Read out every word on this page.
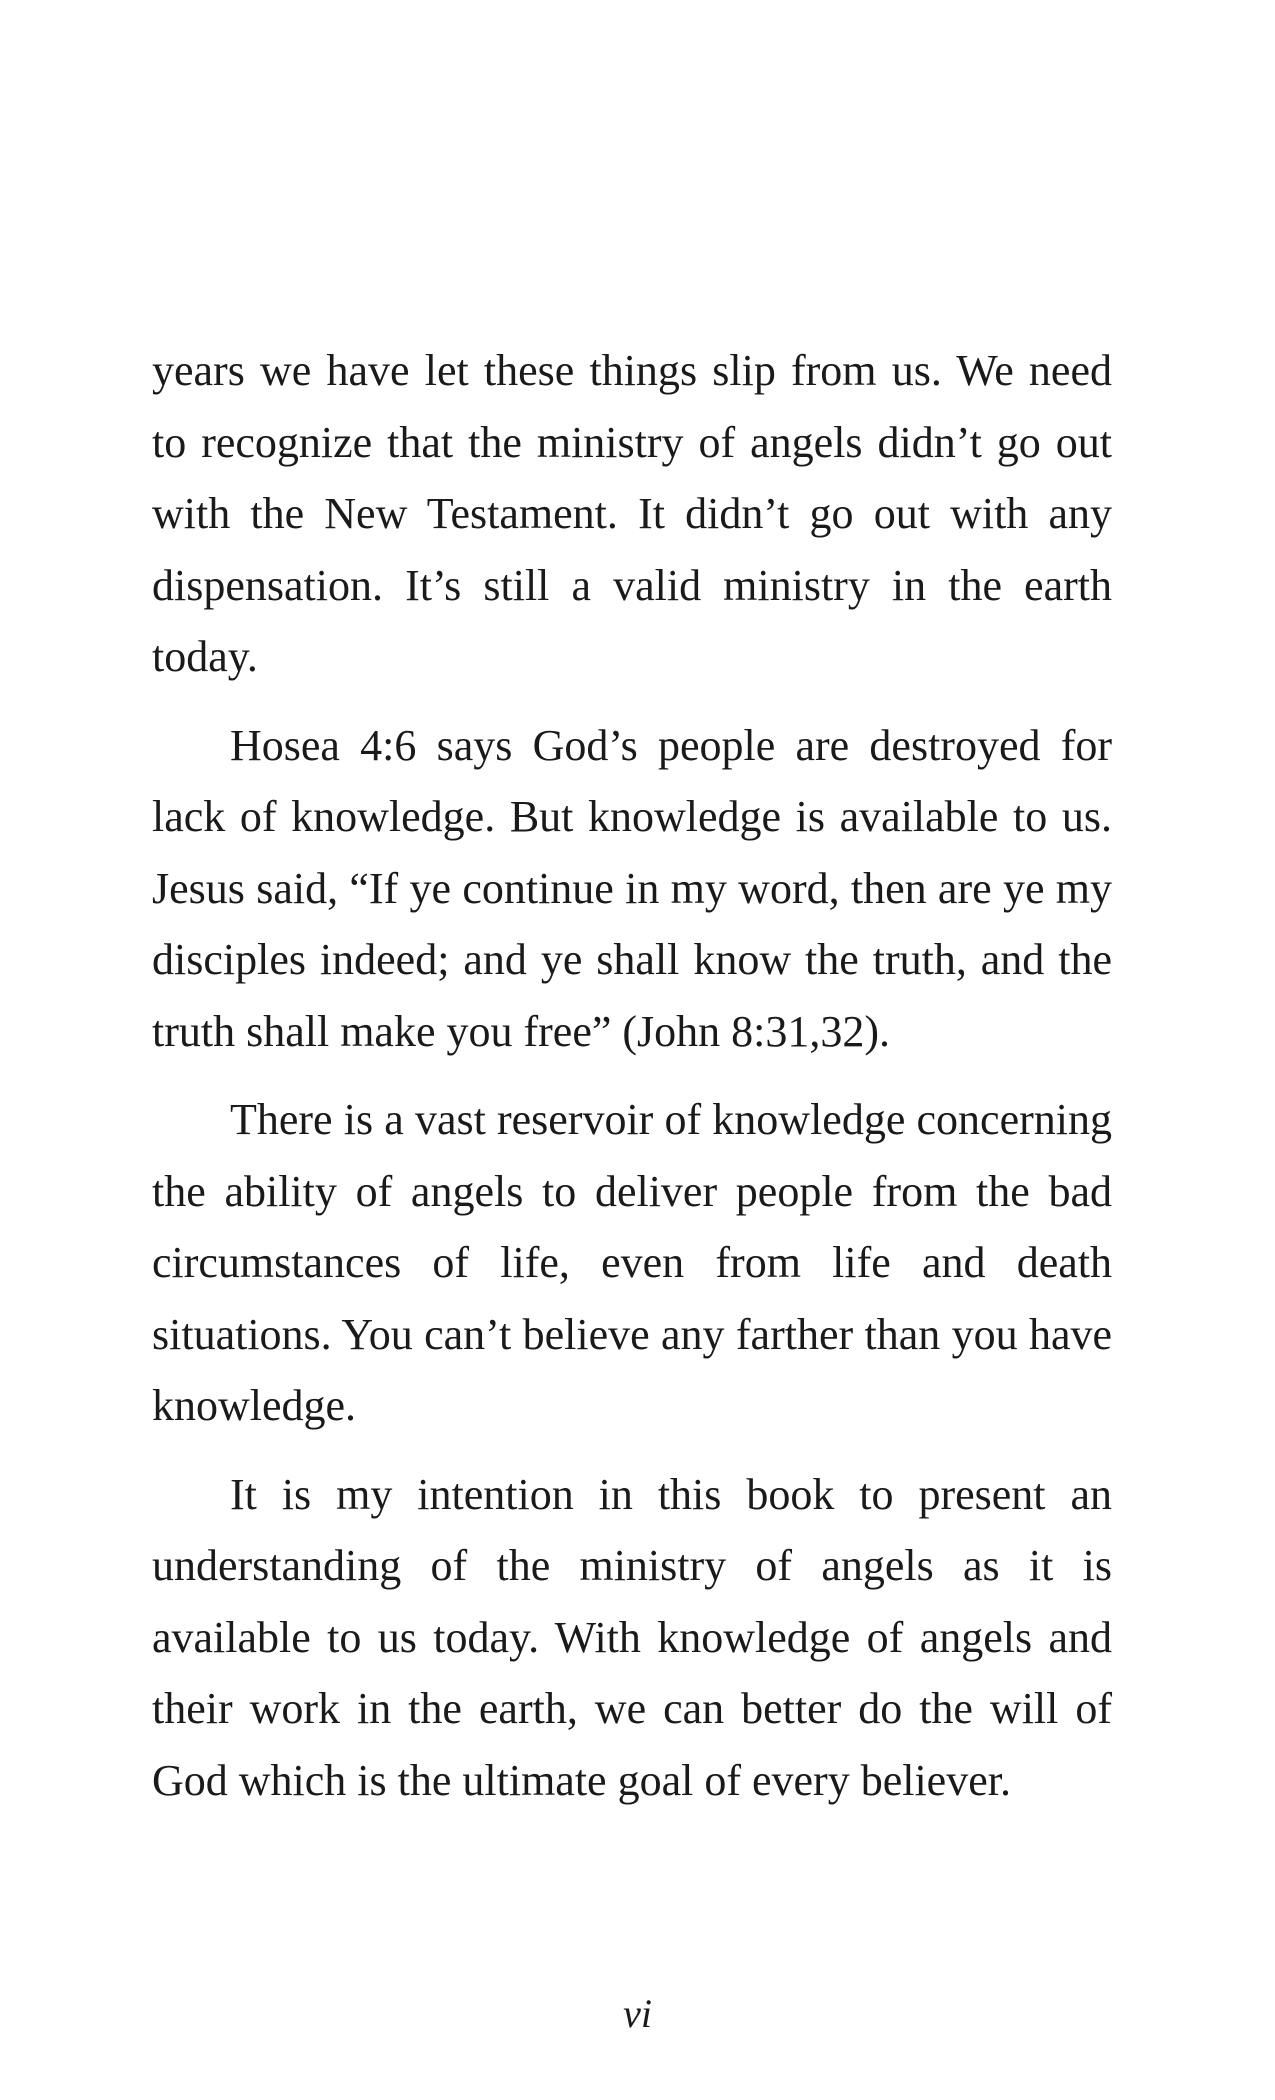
years we have let these things slip from us. We need to recognize that the ministry of angels didn’t go out with the New Testament. It didn’t go out with any dispensation. It’s still a valid ministry in the earth today.

Hosea 4:6 says God’s people are destroyed for lack of knowledge. But knowledge is available to us. Jesus said, “If ye continue in my word, then are ye my disciples indeed; and ye shall know the truth, and the truth shall make you free” (John 8:31,32).

There is a vast reservoir of knowledge concerning the ability of angels to deliver people from the bad circumstances of life, even from life and death situations. You can’t believe any farther than you have knowledge.

It is my intention in this book to present an understanding of the ministry of angels as it is available to us today. With knowledge of angels and their work in the earth, we can better do the will of God which is the ultimate goal of every believer.

vi
